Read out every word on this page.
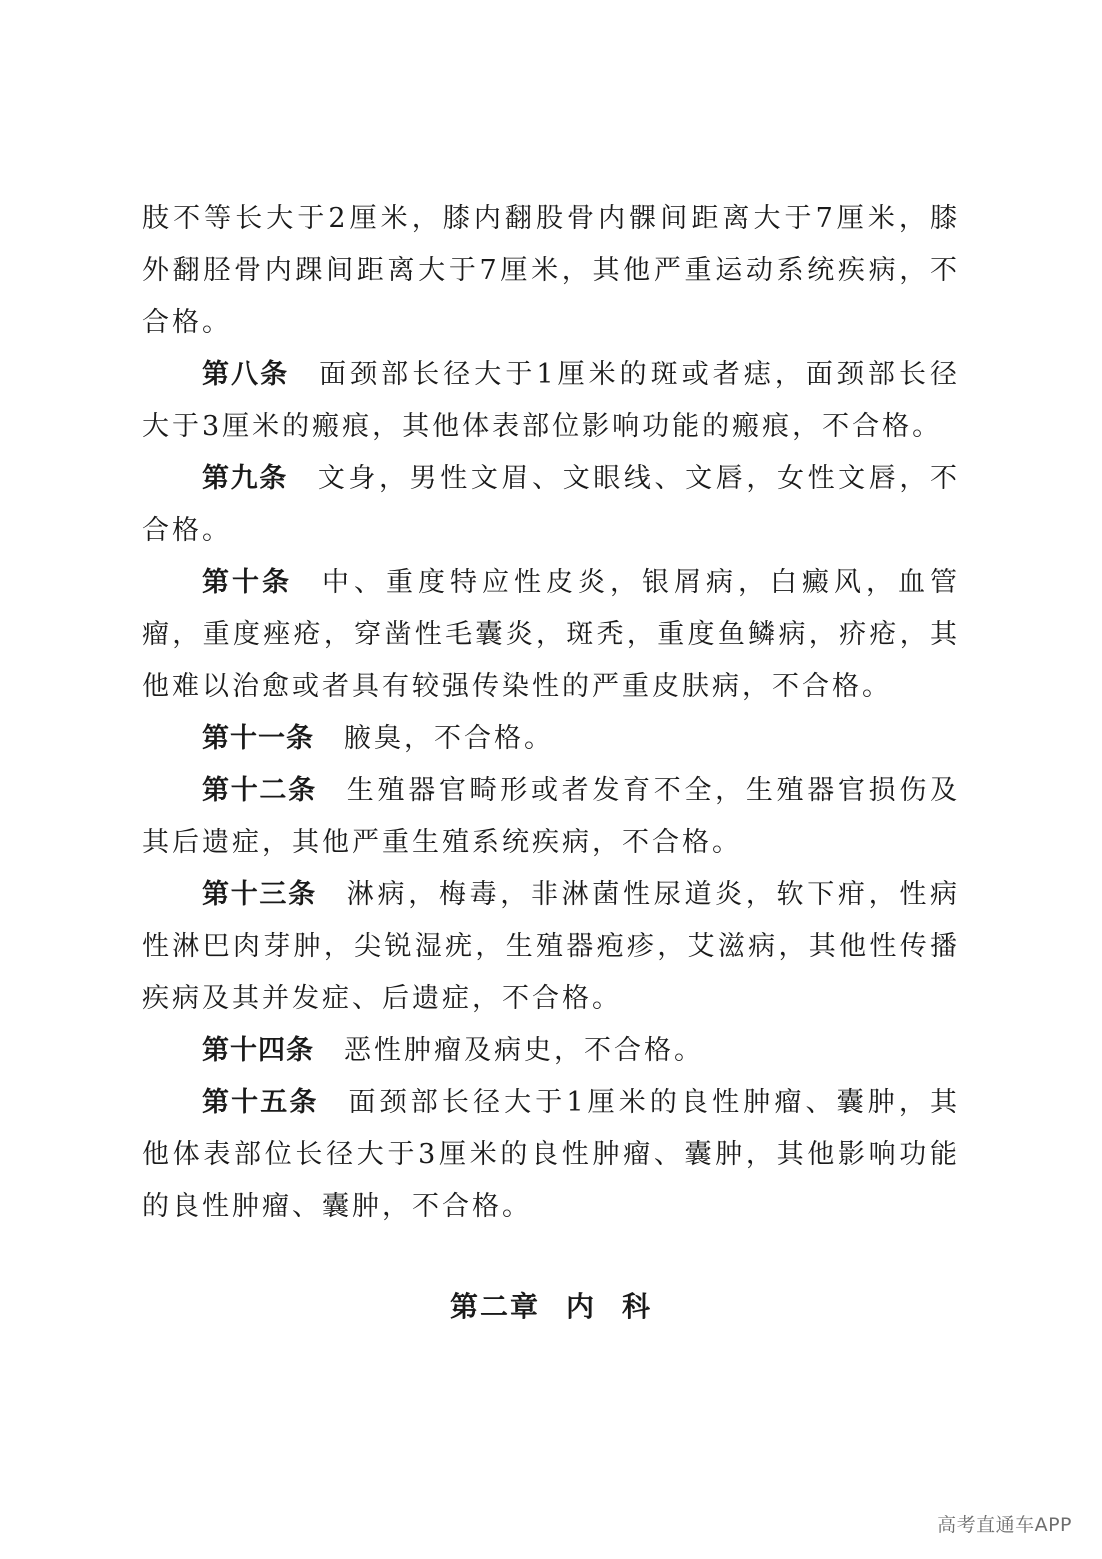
肢不等长大于2厘米，膝内翻股骨内髁间距离大于7厘米，膝外翻胫骨内踝间距离大于7厘米，其他严重运动系统疾病，不合格。

第八条 面颈部长径大于1厘米的斑或者痣，面颈部长径大于3厘米的瘢痕，其他体表部位影响功能的瘢痕，不合格。

第九条 文身，男性文眉、文眼线、文唇，女性文唇，不合格。

第十条 中、重度特应性皮炎，银屑病，白癜风，血管瘤，重度痤疮，穿凿性毛囊炎，斑秃，重度鱼鳞病，疥疮，其他难以治愈或者具有较强传染性的严重皮肤病，不合格。

第十一条 腋臭，不合格。

第十二条 生殖器官畸形或者发育不全，生殖器官损伤及其后遗症，其他严重生殖系统疾病，不合格。

第十三条 淋病，梅毒，非淋菌性尿道炎，软下疳，性病性淋巴肉芽肿，尖锐湿疣，生殖器疱疹，艾滋病，其他性传播疾病及其并发症、后遗症，不合格。

第十四条 恶性肿瘤及病史，不合格。

第十五条 面颈部长径大于1厘米的良性肿瘤、囊肿，其他体表部位长径大于3厘米的良性肿瘤、囊肿，其他影响功能的良性肿瘤、囊肿，不合格。

第二章 内 科
高考直通车APP
